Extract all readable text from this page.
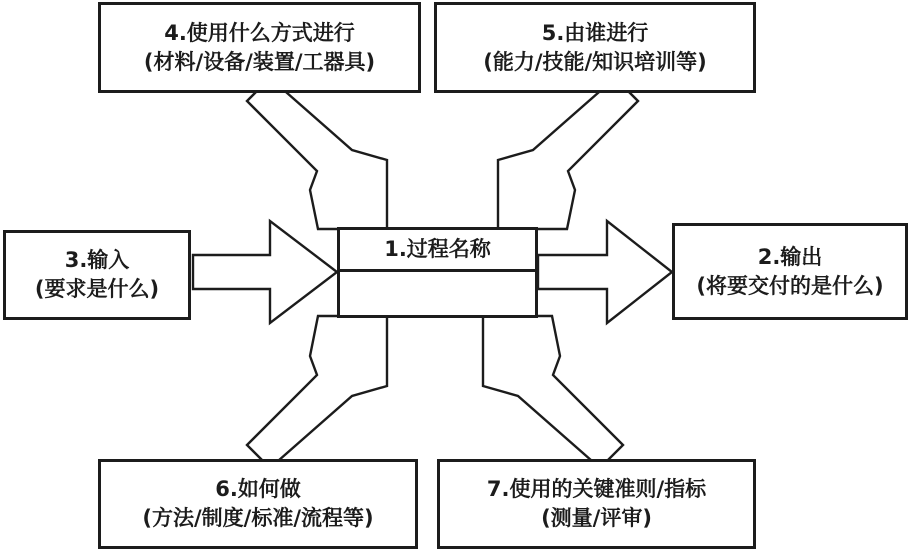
4.使用什么方式进行
(材料/设备/装置/工器具)
5.由谁进行
(能力/技能/知识培训等)
3.输入
(要求是什么)
1.过程名称	2.输出
(将要交付的是什么)
6.如何做
(方法/制度/标准/流程等)
7.使用的关键准则/指标
(测量/评审)
